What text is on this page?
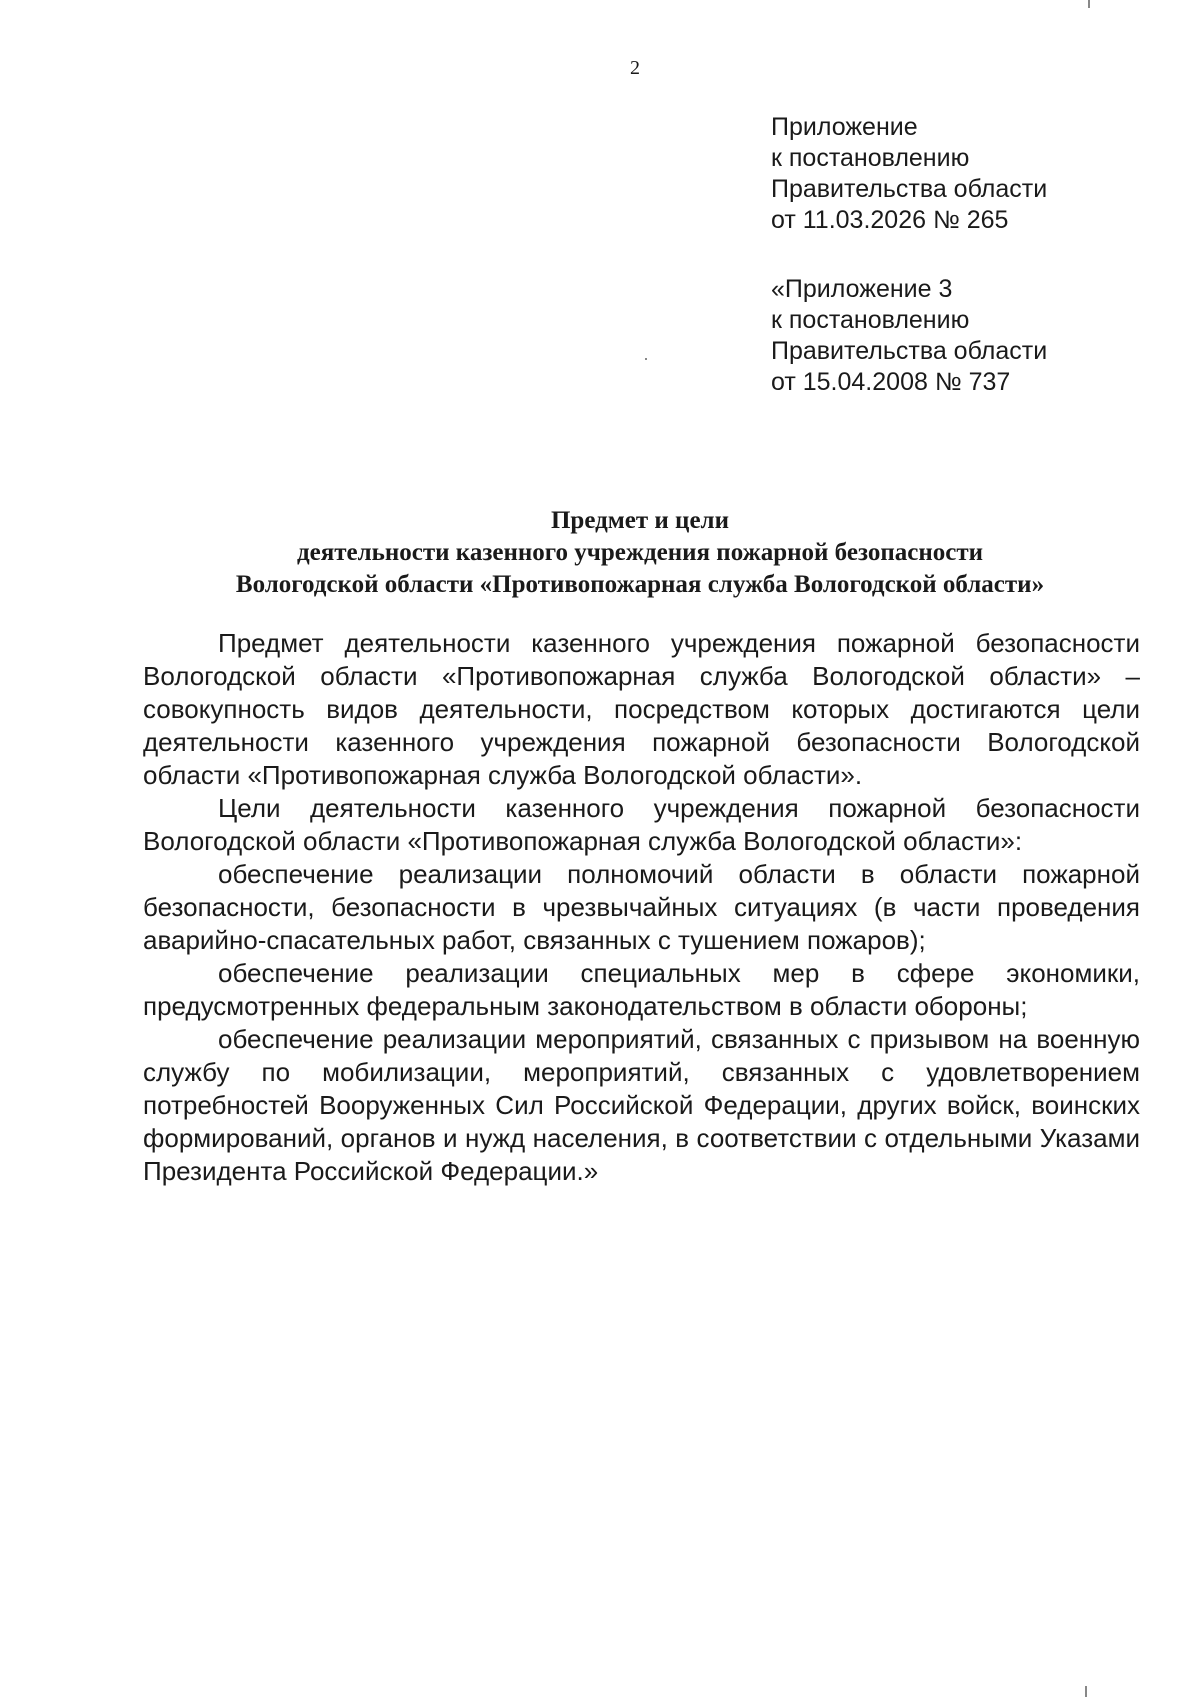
2
Приложение
к постановлению
Правительства области
от 11.03.2026 № 265
«Приложение 3
к постановлению
Правительства области
от 15.04.2008 № 737
Предмет и цели
деятельности казенного учреждения пожарной безопасности
Вологодской области «Противопожарная служба Вологодской области»

Предмет деятельности казенного учреждения пожарной безопасности Вологодской области «Противопожарная служба Вологодской области» – совокупность видов деятельности, посредством которых достигаются цели деятельности казенного учреждения пожарной безопасности Вологодской области «Противопожарная служба Вологодской области».

Цели деятельности казенного учреждения пожарной безопасности Вологодской области «Противопожарная служба Вологодской области»:

обеспечение реализации полномочий области в области пожарной безопасности, безопасности в чрезвычайных ситуациях (в части проведения аварийно-спасательных работ, связанных с тушением пожаров);

обеспечение реализации специальных мер в сфере экономики, предусмотренных федеральным законодательством в области обороны;

обеспечение реализации мероприятий, связанных с призывом на военную службу по мобилизации, мероприятий, связанных с удовлетворением потребностей Вооруженных Сил Российской Федерации, других войск, воинских формирований, органов и нужд населения, в соответствии с отдельными Указами Президента Российской Федерации.»
